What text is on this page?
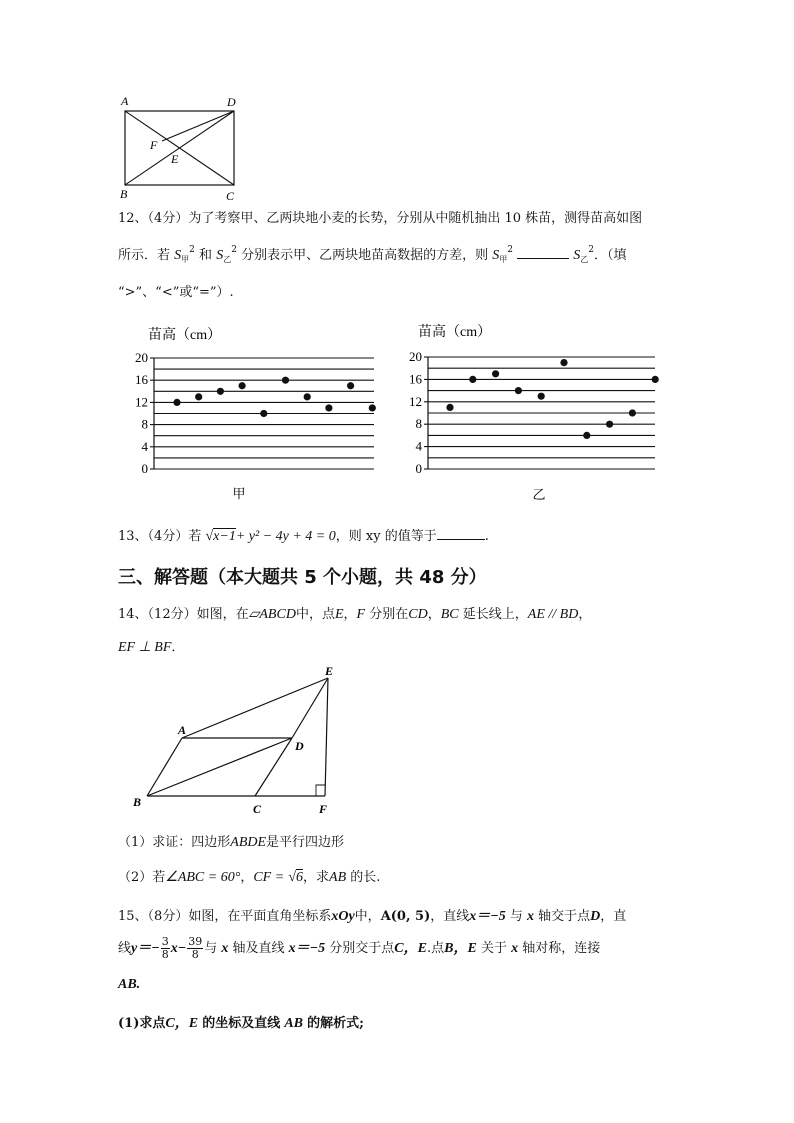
A	D
F
E
B	C
12、（4分）为了考察甲、乙两块地小麦的长势，分别从中随机抽出 10 株苗，测得苗高如图
所示．若 $S_甲^2$ 和 $S_乙^2$ 分别表示甲、乙两块地苗高数据的方差，则 $S_甲^2$	$S_乙^2$．（填
“>”、“<”或“=”）.
苗高（cm）
0
4
8
12
16
20
甲
苗高（cm）
0
4
8
12
16
20
乙
13、（4分）若 √x−1+ y² − 4y + 4 = 0，则 xy 的值等于	.
三、解答题（本大题共 5 个小题，共 48 分）
14、（12分）如图，在▱ABCD中，点E，F 分别在CD，BC 延长线上，AE // BD，
EF ⊥ BF．
E
A
D
B	C	F
（1）求证：四边形ABDE是平行四边形
（2）若∠ABC = 60°，CF = √6，求AB 的长.
15、（8分）如图，在平面直角坐标系xOy中，A(0, 5)，直线x＝−5 与 x 轴交于点D，直
线$y=- \frac{3}{8} x- \frac{39}{8}$ 与 x 轴及直线 x＝−5 分别交于点C，E.点B，E 关于 x 轴对称，连接
AB.
(1)求点C，E 的坐标及直线 AB 的解析式;
